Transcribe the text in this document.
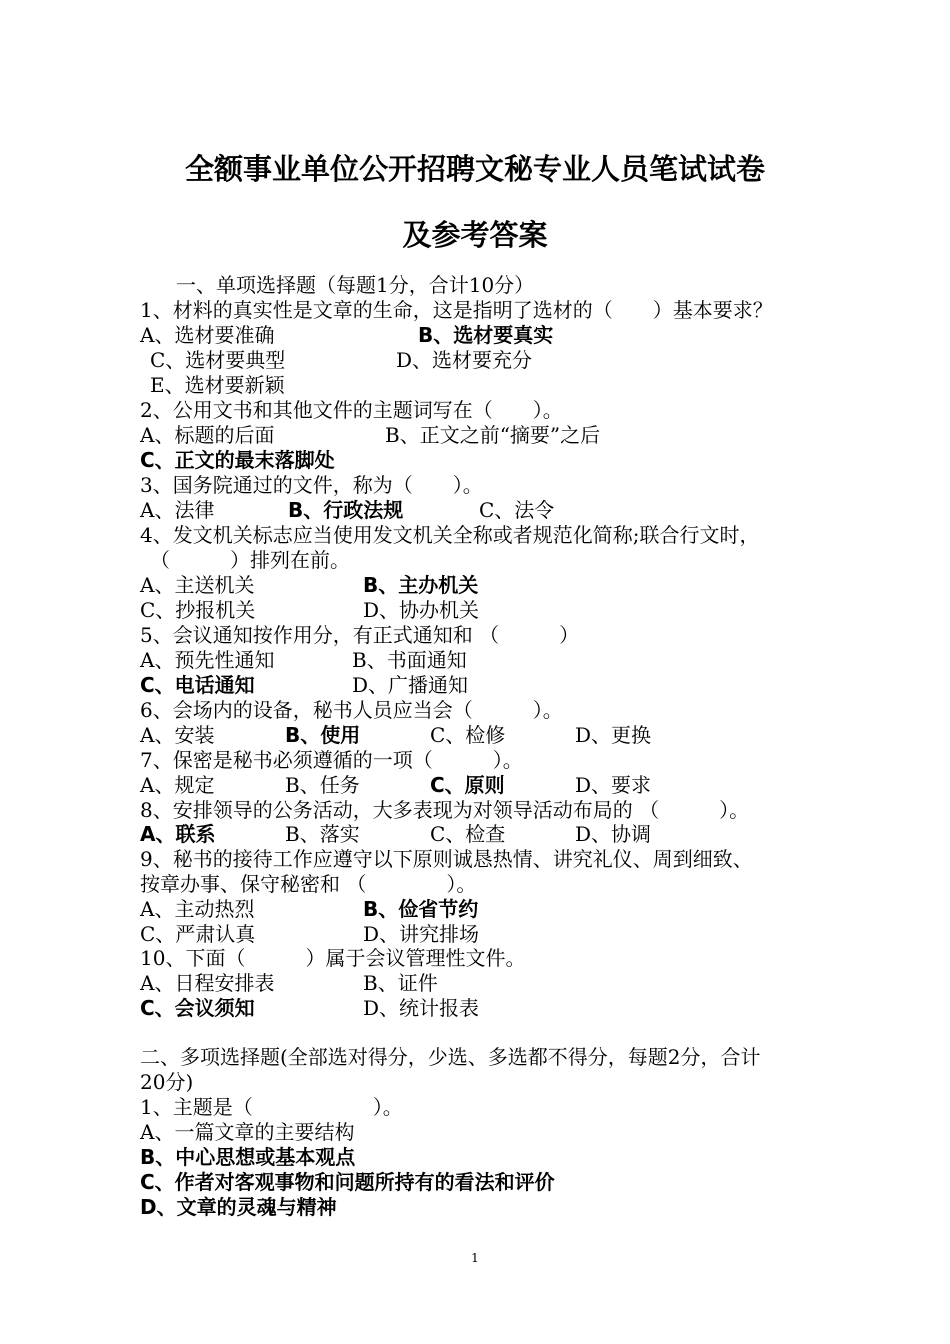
全额事业单位公开招聘文秘专业人员笔试试卷
及参考答案
一、单项选择题（每题1分，合计10分）
1、材料的真实性是文章的生命，这是指明了选材的（　　）基本要求？
A、选材要准确	B、选材要真实
C、选材要典型	D、选材要充分
E、选材要新颖
2、公用文书和其他文件的主题词写在（　　）。
A、标题的后面	B、正文之前“摘要”之后
C、正文的最末落脚处
3、国务院通过的文件，称为（　　）。
A、法律	B、行政法规	C、法令
4、发文机关标志应当使用发文机关全称或者规范化简称;联合行文时，
（　　　）排列在前。
A、主送机关	B、主办机关
C、抄报机关	D、协办机关
5、会议通知按作用分，有正式通知和 （　　　）
A、预先性通知	B、书面通知
C、电话通知	D、广播通知
6、会场内的设备，秘书人员应当会（　　　）。
A、安装	B、使用	C、检修	D、更换
7、保密是秘书必须遵循的一项（　　　）。
A、规定	B、任务	C、原则	D、要求
8、安排领导的公务活动，大多表现为对领导活动布局的 （　　　）。
A、联系	B、落实	C、检查	D、协调
9、秘书的接待工作应遵守以下原则诚恳热情、讲究礼仪、周到细致、
按章办事、保守秘密和 （　　　　）。
A、主动热烈	B、俭省节约
C、严肃认真	D、讲究排场
10、下面（　　　）属于会议管理性文件。
A、日程安排表	B、证件
C、会议须知	D、统计报表
二、多项选择题(全部选对得分，少选、多选都不得分，每题2分，合计
20分)
1、主题是（　　　　　　）。
A、一篇文章的主要结构
B、中心思想或基本观点
C、作者对客观事物和问题所持有的看法和评价
D、文章的灵魂与精神
1
